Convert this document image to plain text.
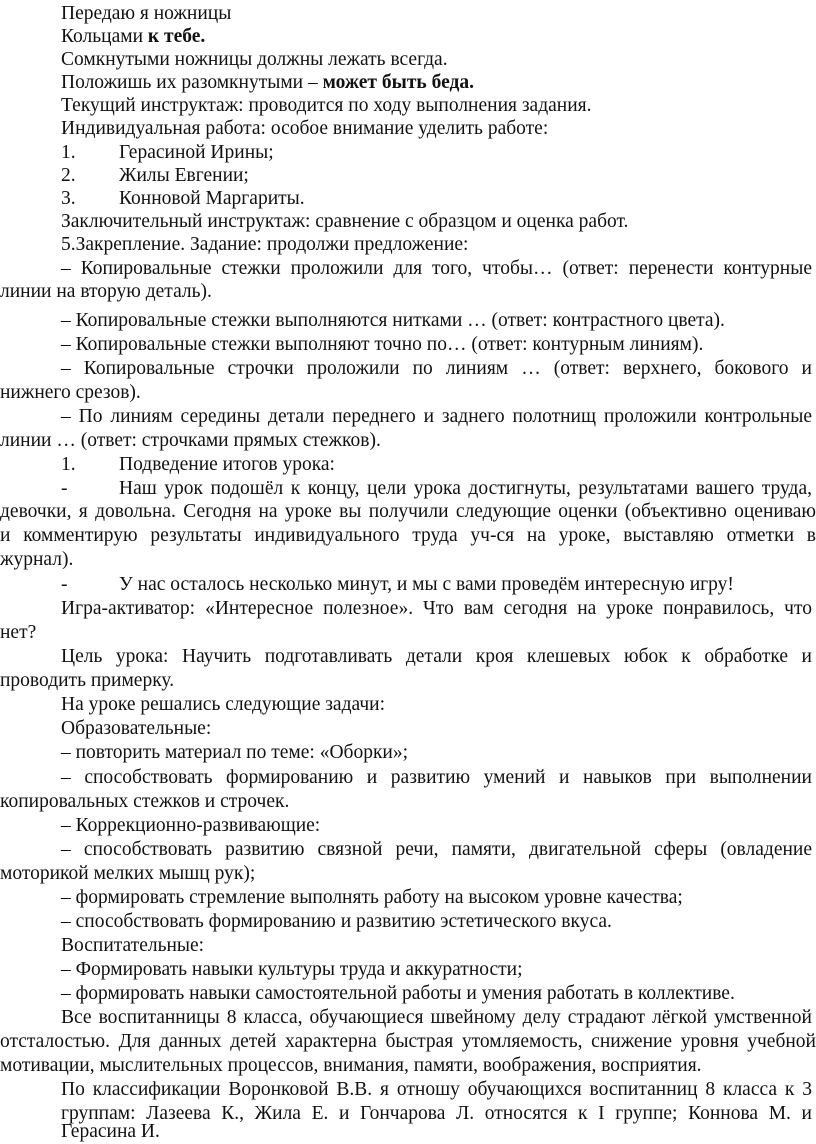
Передаю я ножницы
Кольцами к тебе.
Сомкнутыми ножницы должны лежать всегда.
Положишь их разомкнутыми – может быть беда.
Текущий инструктаж: проводится по ходу выполнения задания.
Индивидуальная работа: особое внимание уделить работе:
1. Герасиной Ирины;
2. Жилы Евгении;
3. Конновой Маргариты.
Заключительный инструктаж: сравнение с образцом и оценка работ.
5.Закрепление. Задание: продолжи предложение:
– Копировальные стежки проложили для того, чтобы… (ответ: перенести контурные
линии на вторую деталь).
– Копировальные стежки выполняются нитками … (ответ: контрастного цвета).
– Копировальные стежки выполняют точно по… (ответ: контурным линиям).
– Копировальные строчки проложили по линиям … (ответ: верхнего, бокового и
нижнего срезов).
– По линиям середины детали переднего и заднего полотнищ проложили контрольные
линии … (ответ: строчками прямых стежков).
1. Подведение итогов урока:
-	Наш урок подошёл к концу, цели урока достигнуты, результатами вашего труда,
девочки, я довольна. Сегодня на уроке вы получили следующие оценки (объективно оцениваю
и комментирую результаты индивидуального труда уч-ся на уроке, выставляю отметки в
журнал).
-	У нас осталось несколько минут, и мы с вами проведём интересную игру!
Игра-активатор: «Интересное полезное». Что вам сегодня на уроке понравилось, что
нет?
Цель урока: Научить подготавливать детали кроя клешевых юбок к обработке и
проводить примерку.
На уроке решались следующие задачи:
Образовательные:
– повторить материал по теме: «Оборки»;
– способствовать формированию и развитию умений и навыков при выполнении
копировальных стежков и строчек.
– Коррекционно-развивающие:
– способствовать развитию связной речи, памяти, двигательной сферы (овладение
моторикой мелких мышц рук);
– формировать стремление выполнять работу на высоком уровне качества;
– способствовать формированию и развитию эстетического вкуса.
Воспитательные:
– Формировать навыки культуры труда и аккуратности;
– формировать навыки самостоятельной работы и умения работать в коллективе.
Все воспитанницы 8 класса, обучающиеся швейному делу страдают лёгкой умственной
отсталостью. Для данных детей характерна быстрая утомляемость, снижение уровня учебной
мотивации, мыслительных процессов, внимания, памяти, воображения, восприятия.
По классификации Воронковой В.В. я отношу обучающихся воспитанниц 8 класса к 3
группам: Лазеева К., Жила Е. и Гончарова Л. относятся к I группе; Коннова М. и
Герасина И.
